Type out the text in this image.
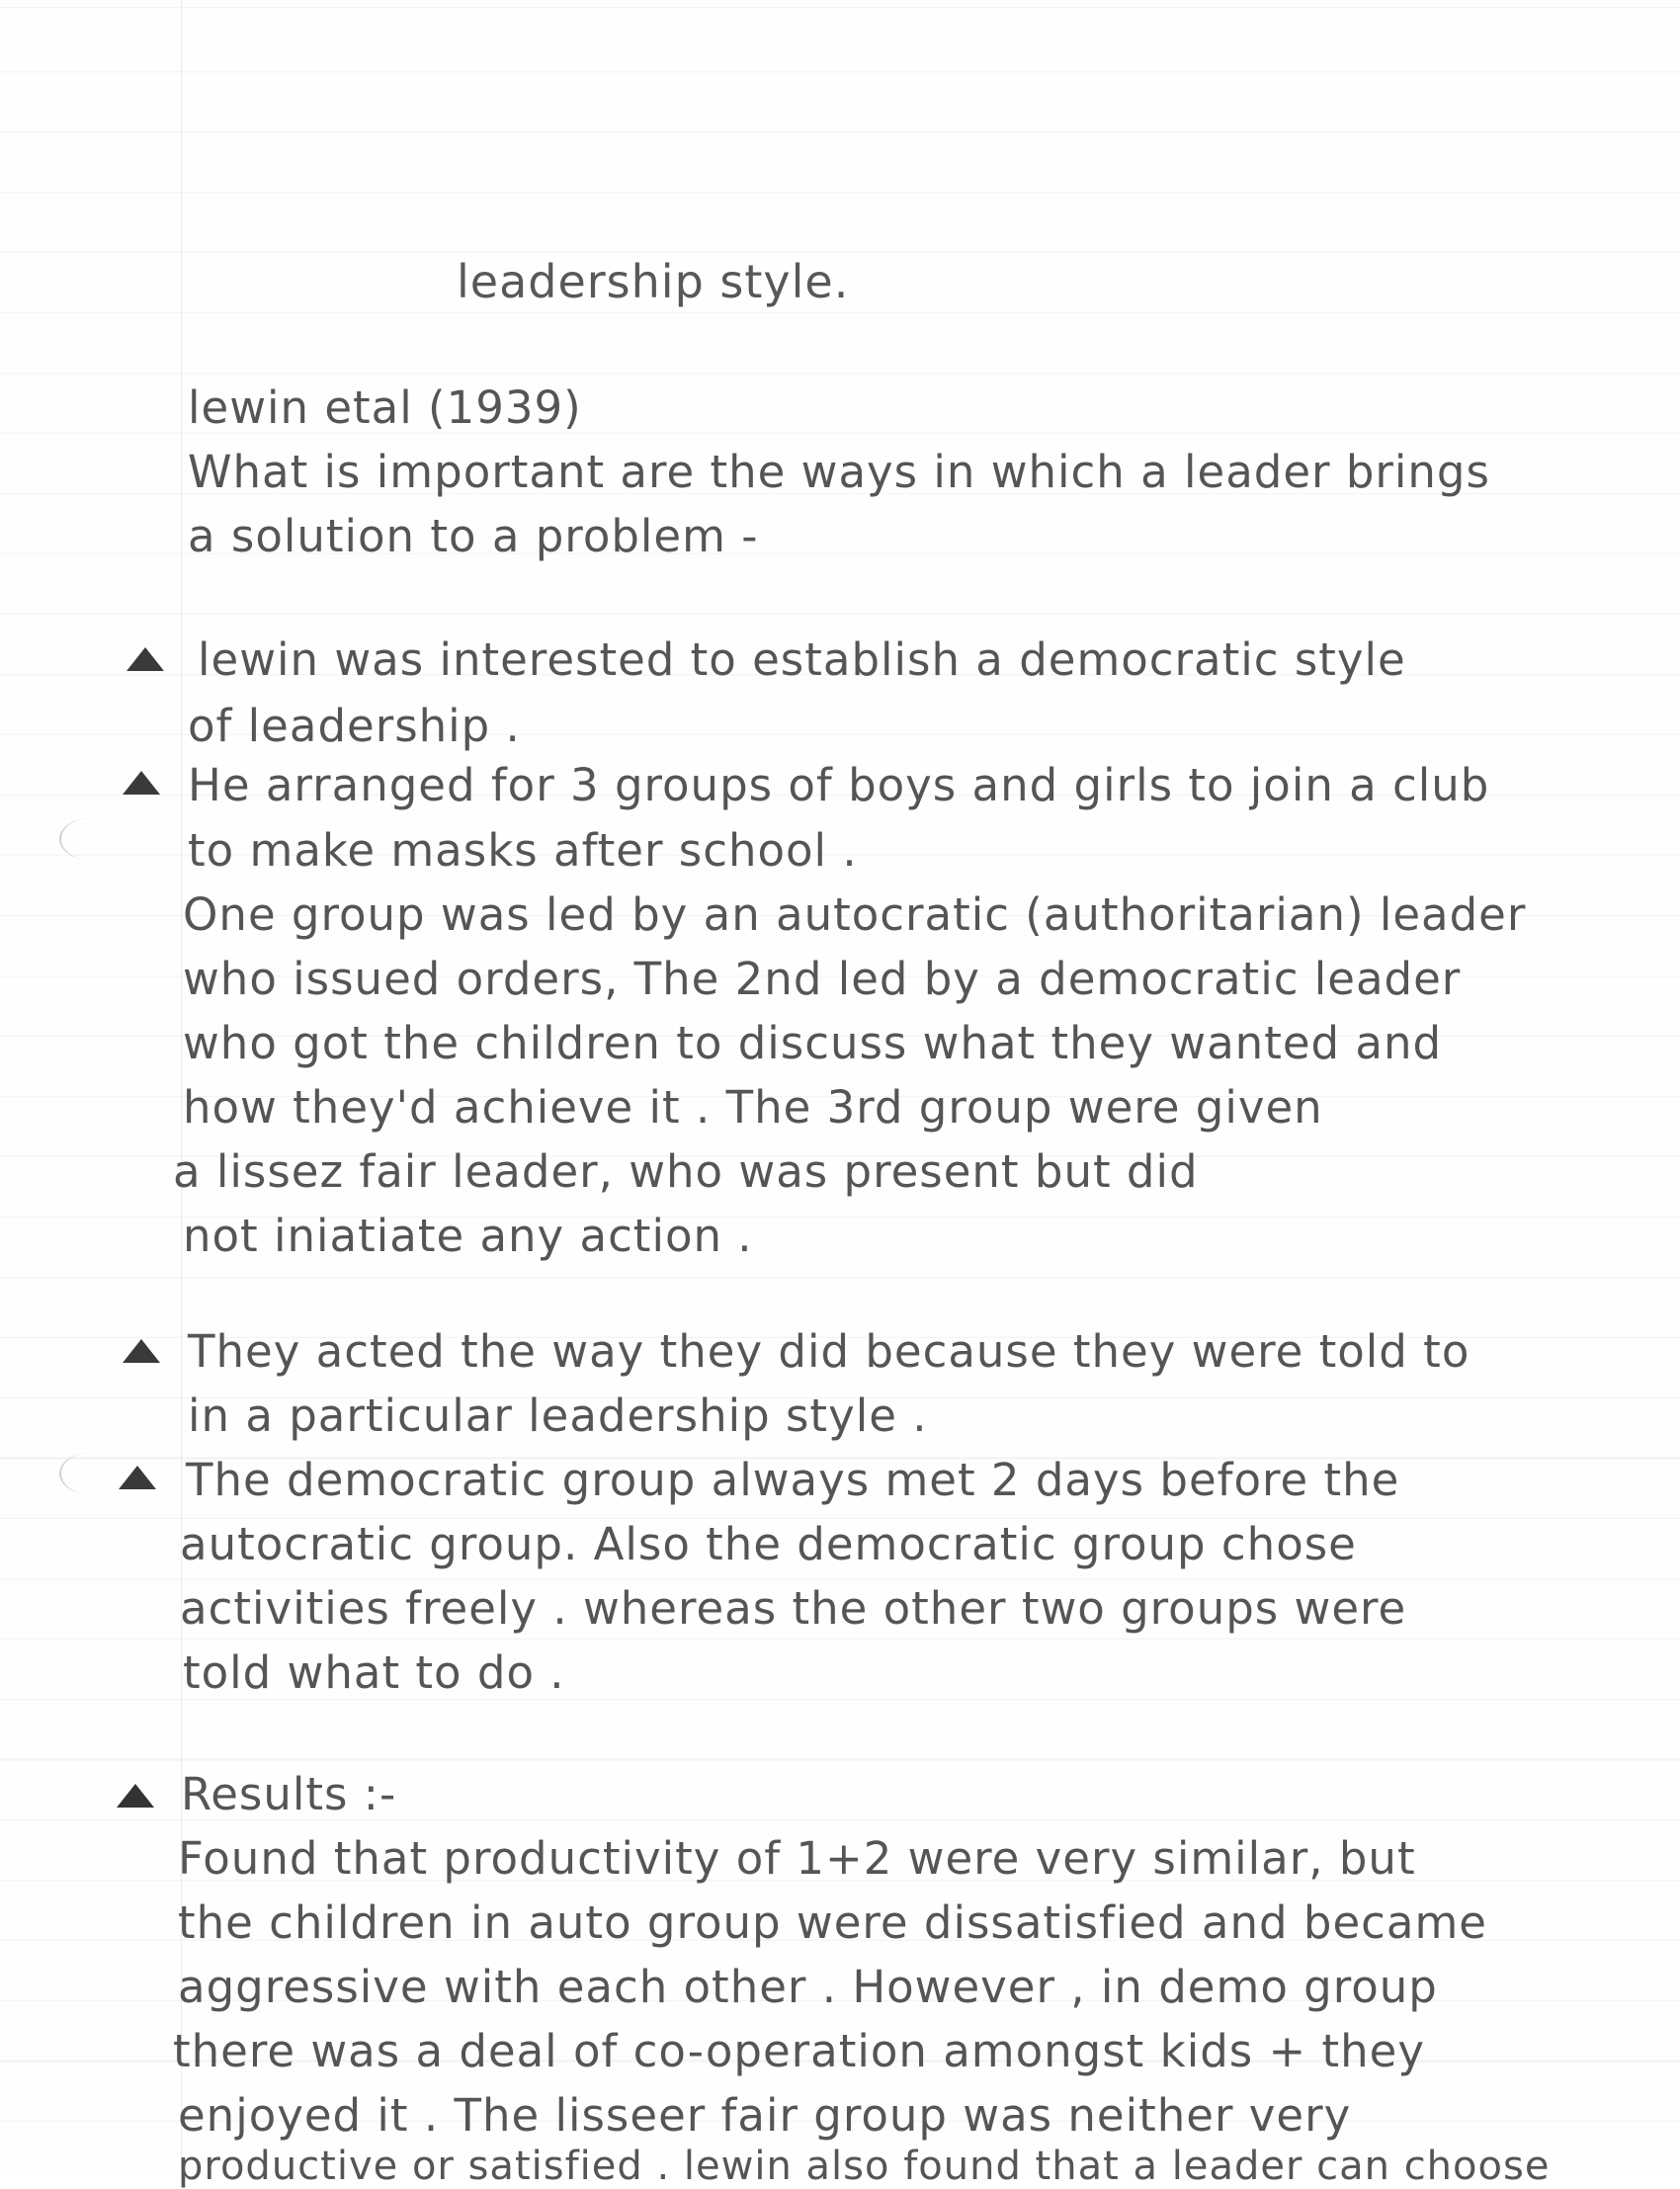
leadership style.
lewin etal (1939)
What is important are the ways in which a leader brings
a solution to a problem -
lewin was interested to establish a democratic style
of leadership .
He arranged for 3 groups of boys and girls to join a club
to make masks after school .
One group was led by an autocratic (authoritarian) leader
who issued orders, The 2nd led by a democratic leader
who got the children to discuss what they wanted and
how they'd achieve it . The 3rd group were given
a lissez fair leader, who was present but did
not iniatiate any action .
They acted the way they did because they were told to
in a particular leadership style .
The democratic group always met 2 days before the
autocratic group. Also the democratic group chose
activities freely . whereas the other two groups were
told what to do .
Results :-
Found that productivity of 1+2 were very similar, but
the children in auto group were dissatisfied and became
aggressive with each other . However , in demo group
there was a deal of co-operation amongst kids + they
enjoyed it . The lisseer fair group was neither very
productive or satisfied . lewin also found that a leader can choose
